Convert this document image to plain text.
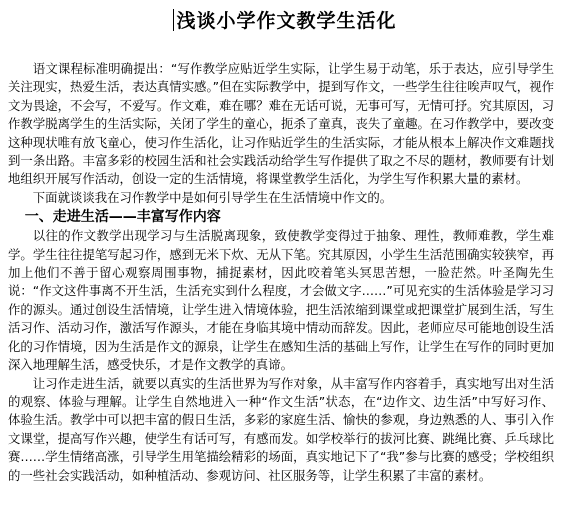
浅谈小学作文教学生活化

语文课程标准明确提出：“写作教学应贴近学生实际，让学生易于动笔，乐于表达，应引导学生关注现实，热爱生活，表达真情实感。”但在实际教学中，提到写作文，一些学生往往唉声叹气，视作文为畏途，不会写，不爱写。作文难，难在哪？难在无话可说，无事可写，无情可抒。究其原因，习作教学脱离学生的生活实际，关闭了学生的童心，扼杀了童真，丧失了童趣。在习作教学中，要改变这种现状唯有放飞童心，使习作生活化，让习作贴近学生的生活实际，才能从根本上解决作文难题找到一条出路。丰富多彩的校园生活和社会实践活动给学生写作提供了取之不尽的题材，教师要有计划地组织开展写作活动，创设一定的生活情境，将课堂教学生活化，为学生写作积累大量的素材。

下面就谈谈我在习作教学中是如何引导学生在生活情境中作文的。

一、走进生活——丰富写作内容

以往的作文教学出现学习与生活脱离现象，致使教学变得过于抽象、理性，教师难教，学生难学。学生往往提笔写起习作，感到无米下炊、无从下笔。究其原因，小学生生活范围确实较狭窄，再加上他们不善于留心观察周围事物，捕捉素材，因此咬着笔头冥思苦想，一脸茫然。叶圣陶先生说：“作文这件事离不开生活，生活充实到什么程度，才会做文字……”可见充实的生活体验是学习习作的源头。通过创设生活情境，让学生进入情境体验，把生活浓缩到课堂或把课堂扩展到生活，写生活习作、活动习作，激活写作源头，才能在身临其境中情动而辞发。因此，老师应尽可能地创设生活化的习作情境，因为生活是作文的源泉，让学生在感知生活的基础上写作，让学生在写作的同时更加深入地理解生活，感受快乐，才是作文教学的真谛。

让习作走进生活，就要以真实的生活世界为写作对象，从丰富写作内容着手，真实地写出对生活的观察、体验与理解。让学生自然地进入一种“作文生活”状态，在“边作文、边生活”中写好习作、体验生活。教学中可以把丰富的假日生活，多彩的家庭生活、愉快的参观，身边熟悉的人、事引入作文课堂，提高写作兴趣，使学生有话可写，有感而发。如学校举行的拔河比赛、跳绳比赛、乒乓球比赛……学生情绪高涨，引导学生用笔描绘精彩的场面，真实地记下了“我”参与比赛的感受；学校组织的一些社会实践活动，如种植活动、参观访问、社区服务等，让学生积累了丰富的素材。
